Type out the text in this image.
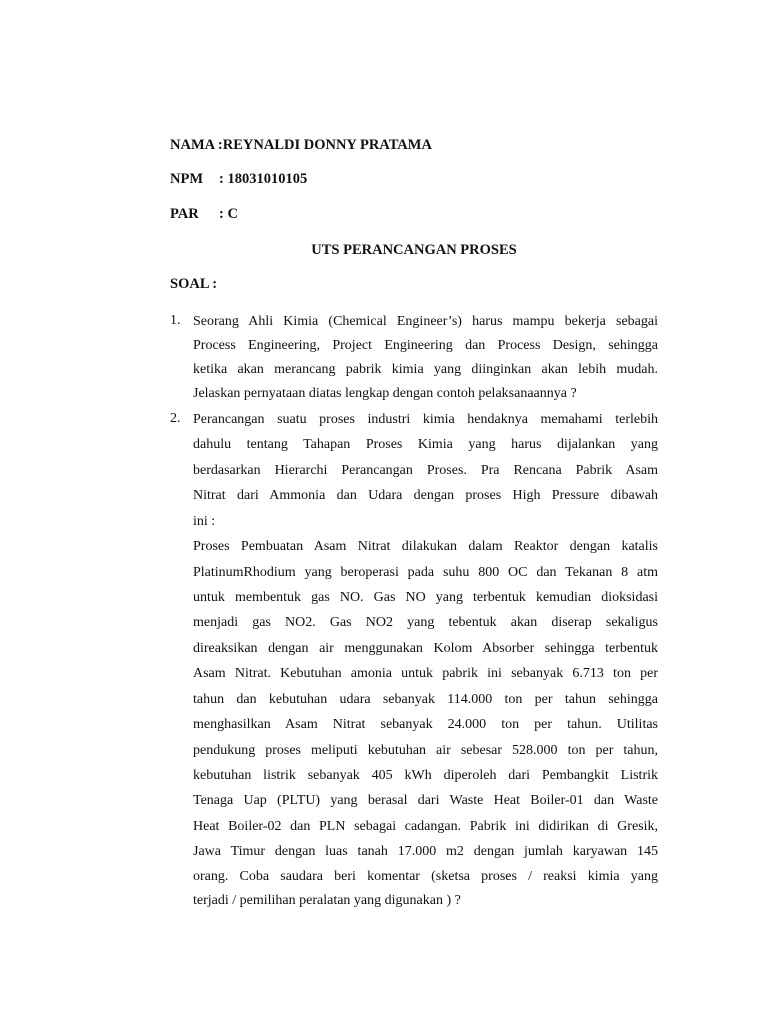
NAMA :REYNALDI DONNY PRATAMA
NPM : 18031010105
PAR : C
UTS PERANCANGAN PROSES
SOAL :
1. Seorang Ahli Kimia (Chemical Engineer’s) harus mampu bekerja sebagai
Process Engineering, Project Engineering dan Process Design, sehingga
ketika akan merancang pabrik kimia yang diinginkan akan lebih mudah.
Jelaskan pernyataan diatas lengkap dengan contoh pelaksanaannya ?
2. Perancangan suatu proses industri kimia hendaknya memahami terlebih
dahulu tentang Tahapan Proses Kimia yang harus dijalankan yang
berdasarkan Hierarchi Perancangan Proses. Pra Rencana Pabrik Asam
Nitrat dari Ammonia dan Udara dengan proses High Pressure dibawah
ini :
Proses Pembuatan Asam Nitrat dilakukan dalam Reaktor dengan katalis
PlatinumRhodium yang beroperasi pada suhu 800 OC dan Tekanan 8 atm
untuk membentuk gas NO. Gas NO yang terbentuk kemudian dioksidasi
menjadi gas NO2. Gas NO2 yang tebentuk akan diserap sekaligus
direaksikan dengan air menggunakan Kolom Absorber sehingga terbentuk
Asam Nitrat. Kebutuhan amonia untuk pabrik ini sebanyak 6.713 ton per
tahun dan kebutuhan udara sebanyak 114.000 ton per tahun sehingga
menghasilkan Asam Nitrat sebanyak 24.000 ton per tahun. Utilitas
pendukung proses meliputi kebutuhan air sebesar 528.000 ton per tahun,
kebutuhan listrik sebanyak 405 kWh diperoleh dari Pembangkit Listrik
Tenaga Uap (PLTU) yang berasal dari Waste Heat Boiler-01 dan Waste
Heat Boiler-02 dan PLN sebagai cadangan. Pabrik ini didirikan di Gresik,
Jawa Timur dengan luas tanah 17.000 m2 dengan jumlah karyawan 145
orang. Coba saudara beri komentar (sketsa proses / reaksi kimia yang
terjadi / pemilihan peralatan yang digunakan ) ?
